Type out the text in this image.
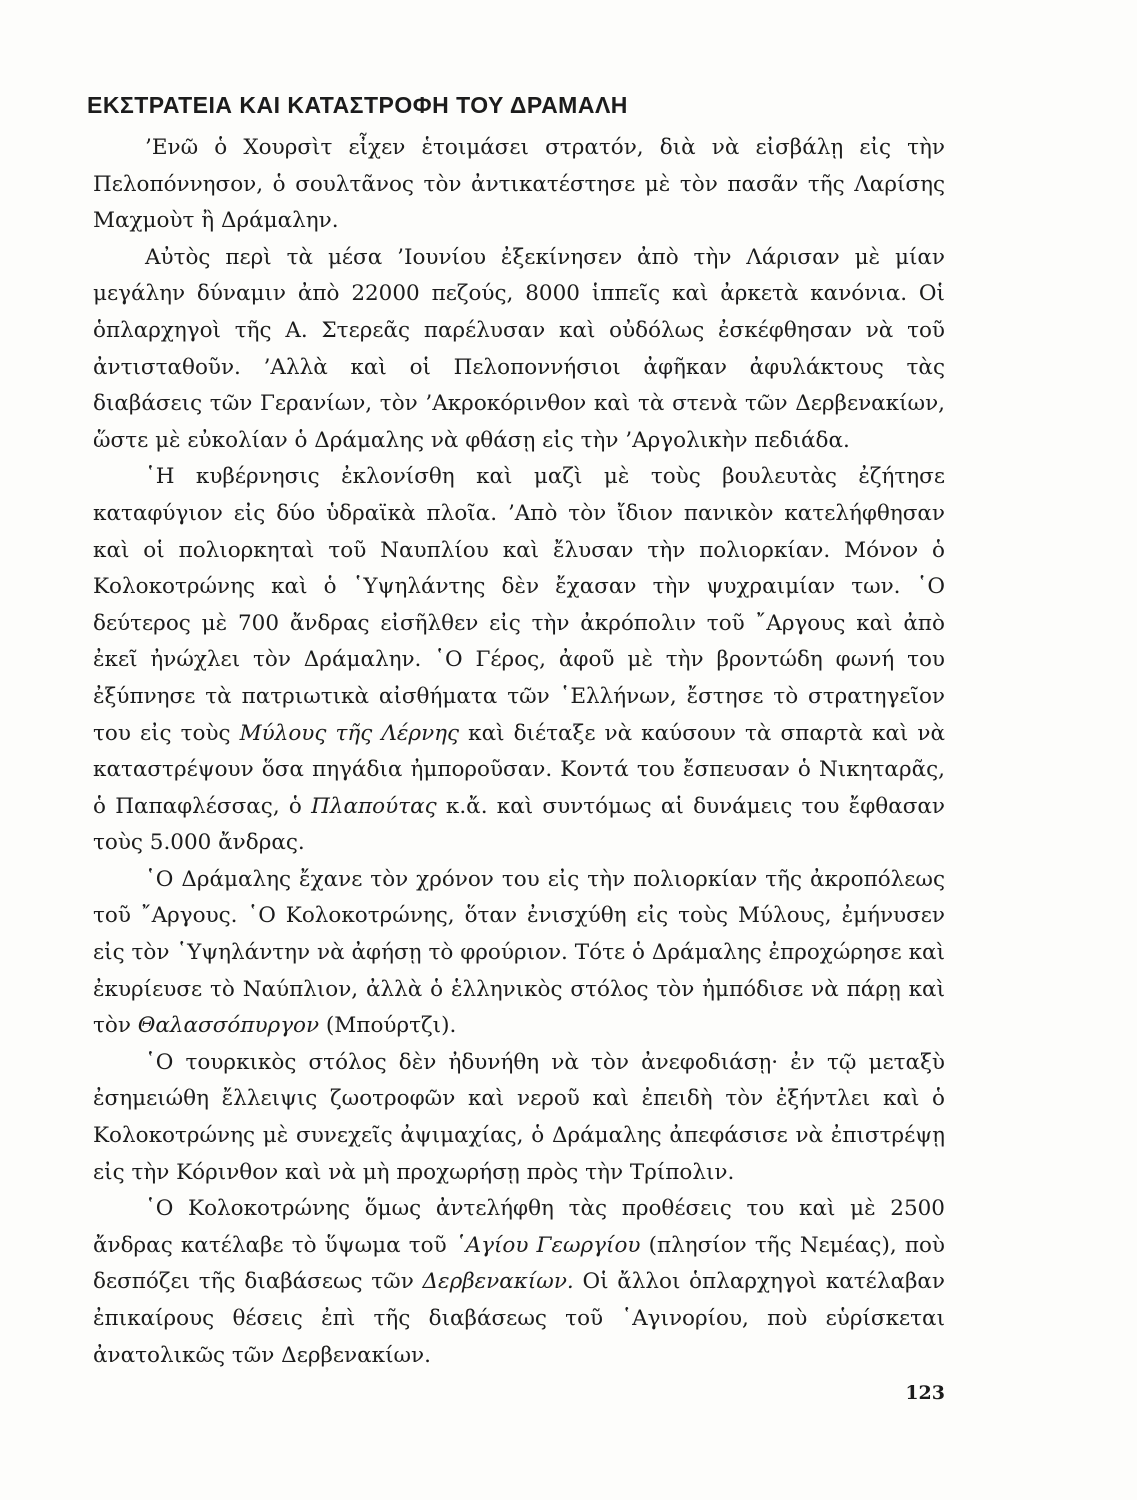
ΕΚΣΤΡΑΤΕΙΑ ΚΑΙ ΚΑΤΑΣΤΡΟΦΗ ΤΟΥ ΔΡΑΜΑΛΗ

’Ενῶ ὁ Χουρσὶτ εἶχεν ἑτοιμάσει στρατόν, διὰ νὰ εἰσβάλῃ εἰς τὴν Πελοπόννησον, ὁ σουλτᾶνος τὸν ἀντικατέστησε μὲ τὸν πασᾶν τῆς Λαρίσης Μαχμοὺτ ἢ Δράμαλην.

Αὐτὸς περὶ τὰ μέσα ’Ιουνίου ἐξεκίνησεν ἀπὸ τὴν Λάρισαν μὲ μίαν μεγάλην δύναμιν ἀπὸ 22000 πεζούς, 8000 ἱππεῖς καὶ ἀρκετὰ κανόνια. Οἱ ὁπλαρχηγοὶ τῆς Α. Στερεᾶς παρέλυσαν καὶ οὐδόλως ἐσκέφθησαν νὰ τοῦ ἀντισταθοῦν. ’Αλλὰ καὶ οἱ Πελοποννήσιοι ἀφῆκαν ἀφυλάκτους τὰς διαβάσεις τῶν Γερανίων, τὸν ’Ακροκόρινθον καὶ τὰ στενὰ τῶν Δερβενακίων, ὥστε μὲ εὐκολίαν ὁ Δράμαλης νὰ φθάσῃ εἰς τὴν ’Αργολικὴν πεδιάδα.

῾Η κυβέρνησις ἐκλονίσθη καὶ μαζὶ μὲ τοὺς βουλευτὰς ἐζήτησε καταφύγιον εἰς δύο ὑδραϊκὰ πλοῖα. ’Απὸ τὸν ἴδιον πανικὸν κατελήφθησαν καὶ οἱ πολιορκηταὶ τοῦ Ναυπλίου καὶ ἔλυσαν τὴν πολιορκίαν. Μόνον ὁ Κολοκοτρώνης καὶ ὁ ῾Υψηλάντης δὲν ἔχασαν τὴν ψυχραιμίαν των. ῾Ο δεύτερος μὲ 700 ἄνδρας εἰσῆλθεν εἰς τὴν ἀκρόπολιν τοῦ ῎Αργους καὶ ἀπὸ ἐκεῖ ἠνώχλει τὸν Δράμαλην. ῾Ο Γέρος, ἀφοῦ μὲ τὴν βροντώδη φωνή του ἐξύπνησε τὰ πατριωτικὰ αἰσθήματα τῶν ῾Ελλήνων, ἔστησε τὸ στρατηγεῖον του εἰς τοὺς Μύλους τῆς Λέρνης καὶ διέταξε νὰ καύσουν τὰ σπαρτὰ καὶ νὰ καταστρέψουν ὅσα πηγάδια ἠμποροῦσαν. Κοντά του ἔσπευσαν ὁ Νικηταρᾶς, ὁ Παπαφλέσσας, ὁ Πλαπούτας κ.ἄ. καὶ συντόμως αἱ δυνάμεις του ἔφθασαν τοὺς 5.000 ἄνδρας.

῾Ο Δράμαλης ἔχανε τὸν χρόνον του εἰς τὴν πολιορκίαν τῆς ἀκροπόλεως τοῦ ῎Αργους. ῾Ο Κολοκοτρώνης, ὅταν ἐνισχύθη εἰς τοὺς Μύλους, ἐμήνυσεν εἰς τὸν ῾Υψηλάντην νὰ ἀφήσῃ τὸ φρούριον. Τότε ὁ Δράμαλης ἐπροχώρησε καὶ ἐκυρίευσε τὸ Ναύπλιον, ἀλλὰ ὁ ἑλληνικὸς στόλος τὸν ἠμπόδισε νὰ πάρῃ καὶ τὸν Θαλασσόπυργον (Μπούρτζι).

῾Ο τουρκικὸς στόλος δὲν ἠδυνήθη νὰ τὸν ἀνεφοδιάσῃ· ἐν τῷ μεταξὺ ἐσημειώθη ἔλλειψις ζωοτροφῶν καὶ νεροῦ καὶ ἐπειδὴ τὸν ἐξήντλει καὶ ὁ Κολοκοτρώνης μὲ συνεχεῖς ἀψιμαχίας, ὁ Δράμαλης ἀπεφάσισε νὰ ἐπιστρέψῃ εἰς τὴν Κόρινθον καὶ νὰ μὴ προχωρήσῃ πρὸς τὴν Τρίπολιν.

῾Ο Κολοκοτρώνης ὅμως ἀντελήφθη τὰς προθέσεις του καὶ μὲ 2500 ἄνδρας κατέλαβε τὸ ὕψωμα τοῦ ῾Αγίου Γεωργίου (πλησίον τῆς Νεμέας), ποὺ δεσπόζει τῆς διαβάσεως τῶν Δερβενακίων. Οἱ ἄλλοι ὁπλαρχηγοὶ κατέλαβαν ἐπικαίρους θέσεις ἐπὶ τῆς διαβάσεως τοῦ ῾Αγινορίου, ποὺ εὑρίσκεται ἀνατολικῶς τῶν Δερβενακίων.

123
